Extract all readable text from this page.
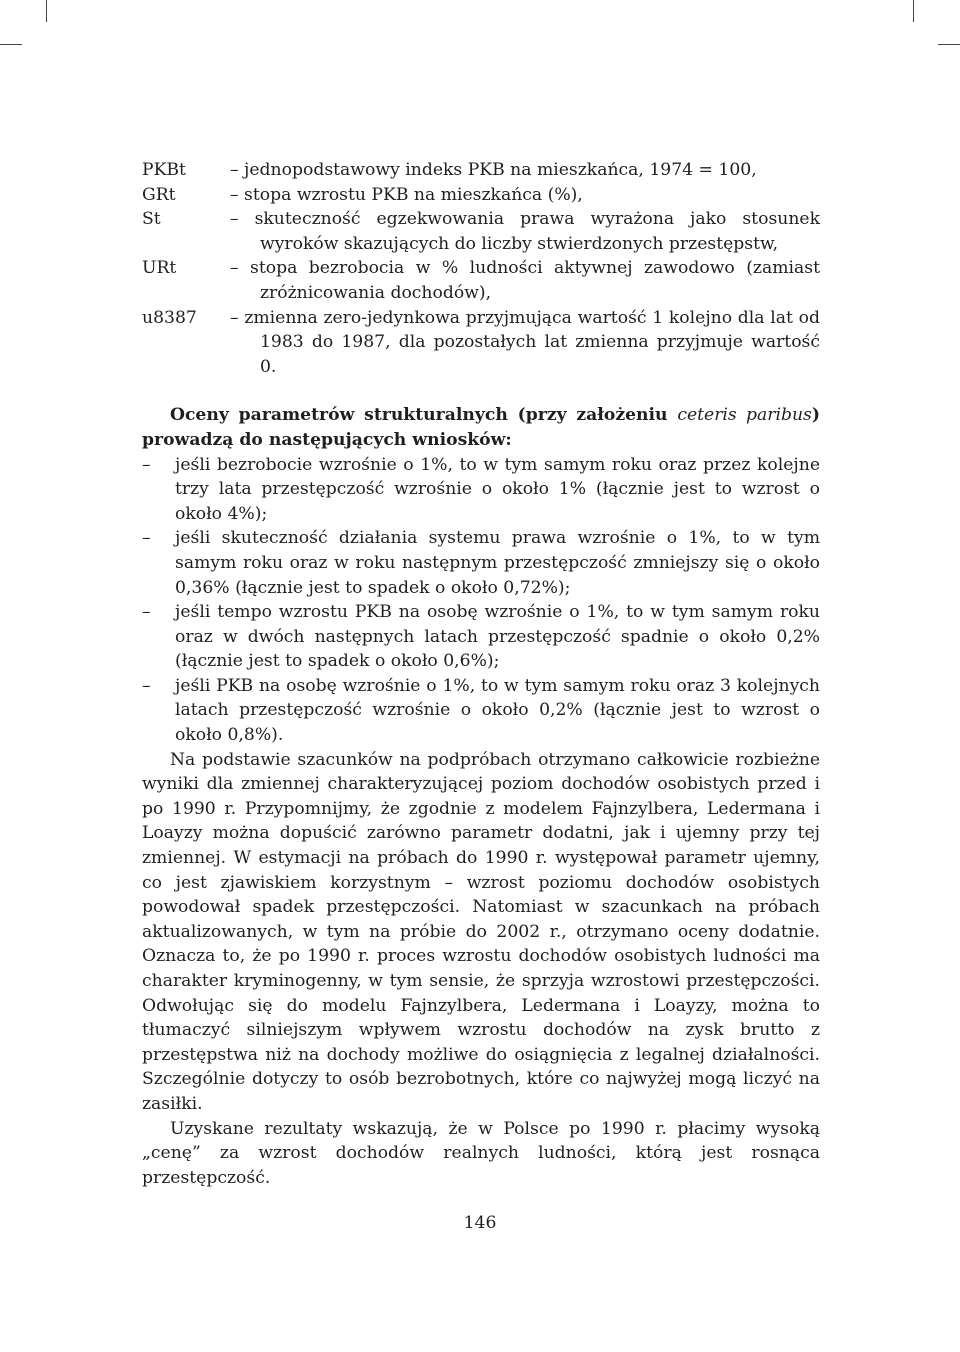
PKBt	– jednopodstawowy indeks PKB na mieszkańca, 1974 = 100,
GRt	– stopa wzrostu PKB na mieszkańca (%),
St	– skuteczność egzekwowania prawa wyrażona jako stosunek wyroków skazujących do liczby stwierdzonych przestępstw,
URt	– stopa bezrobocia w % ludności aktywnej zawodowo (zamiast zróżnicowania dochodów),
u8387	– zmienna zero-jedynkowa przyjmująca wartość 1 kolejno dla lat od 1983 do 1987, dla pozostałych lat zmienna przyjmuje wartość 0.

Oceny parametrów strukturalnych (przy założeniu ceteris paribus) prowadzą do następujących wniosków:

– jeśli bezrobocie wzrośnie o 1%, to w tym samym roku oraz przez kolejne trzy lata przestępczość wzrośnie o około 1% (łącznie jest to wzrost o około 4%);
– jeśli skuteczność działania systemu prawa wzrośnie o 1%, to w tym samym roku oraz w roku następnym przestępczość zmniejszy się o około 0,36% (łącznie jest to spadek o około 0,72%);
– jeśli tempo wzrostu PKB na osobę wzrośnie o 1%, to w tym samym roku oraz w dwóch następnych latach przestępczość spadnie o około 0,2% (łącznie jest to spadek o około 0,6%);
– jeśli PKB na osobę wzrośnie o 1%, to w tym samym roku oraz 3 kolejnych latach przestępczość wzrośnie o około 0,2% (łącznie jest to wzrost o około 0,8%).

Na podstawie szacunków na podpróbach otrzymano całkowicie rozbieżne wyniki dla zmiennej charakteryzującej poziom dochodów osobistych przed i po 1990 r. Przypomnijmy, że zgodnie z modelem Fajnzylbera, Ledermana i Loayzy można dopuścić zarówno parametr dodatni, jak i ujemny przy tej zmiennej. W estymacji na próbach do 1990 r. występował parametr ujemny, co jest zjawiskiem korzystnym – wzrost poziomu dochodów osobistych powodował spadek przestępczości. Natomiast w szacunkach na próbach aktualizowanych, w tym na próbie do 2002 r., otrzymano oceny dodatnie. Oznacza to, że po 1990 r. proces wzrostu dochodów osobistych ludności ma charakter kryminogenny, w tym sensie, że sprzyja wzrostowi przestępczości. Odwołując się do modelu Fajnzylbera, Ledermana i Loayzy, można to tłumaczyć silniejszym wpływem wzrostu dochodów na zysk brutto z przestępstwa niż na dochody możliwe do osiągnięcia z legalnej działalności. Szczególnie dotyczy to osób bezrobotnych, które co najwyżej mogą liczyć na zasiłki.

Uzyskane rezultaty wskazują, że w Polsce po 1990 r. płacimy wysoką „cenę” za wzrost dochodów realnych ludności, którą jest rosnąca przestępczość.

146
